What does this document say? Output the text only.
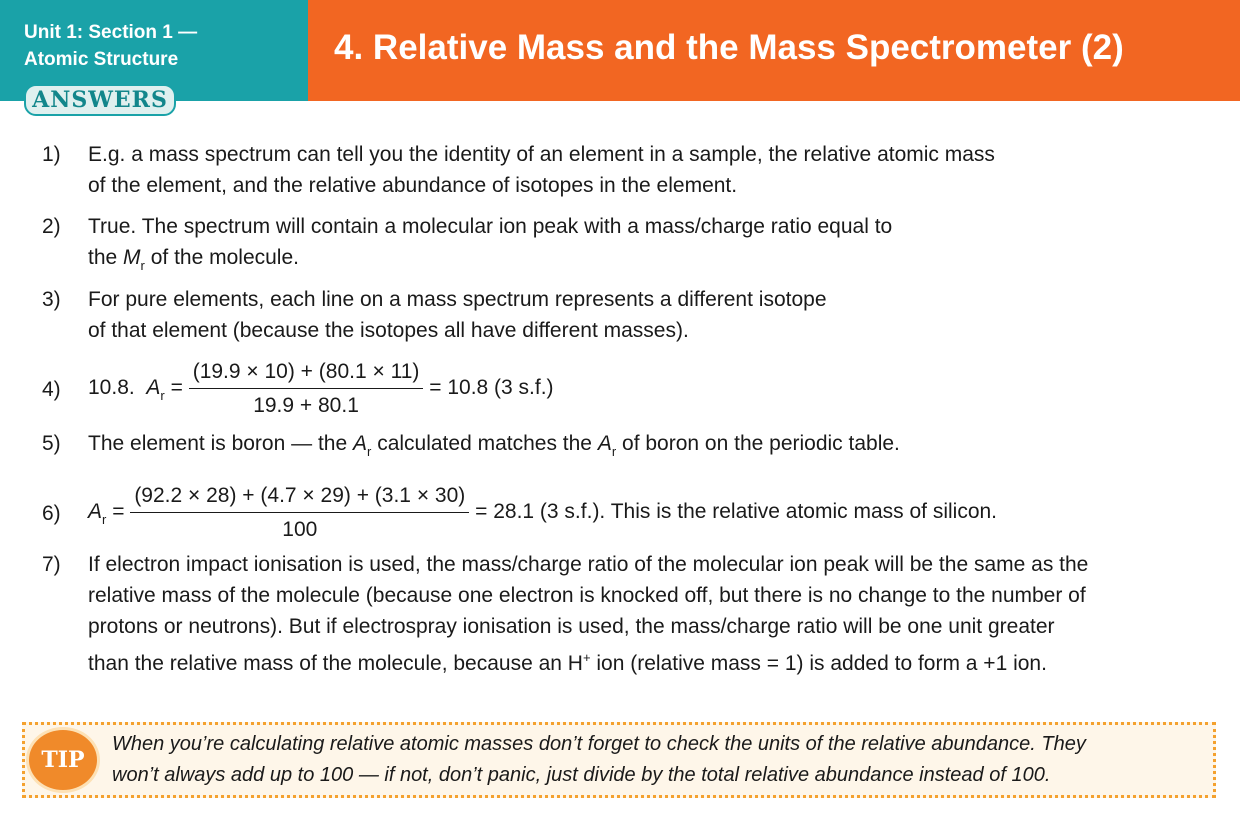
Unit 1: Section 1 —
Atomic Structure
ANSWERS
4. Relative Mass and the Mass Spectrometer (2)
1) E.g. a mass spectrum can tell you the identity of an element in a sample, the relative atomic mass
of the element, and the relative abundance of isotopes in the element.
2) True. The spectrum will contain a molecular ion peak with a mass/charge ratio equal to
the $M_r$ of the molecule.
3) For pure elements, each line on a mass spectrum represents a different isotope
of that element (because the isotopes all have different masses).
4) 10.8. $A_r = \frac{(19.9 \times 10) + (80.1 \times 11)}{19.9 + 80.1} = 10.8$ (3 s.f.)
5) The element is boron — the $A_r$ calculated matches the $A_r$ of boron on the periodic table.
6) $A_r = \frac{(92.2 \times 28) + (4.7 \times 29) + (3.1 \times 30)}{100} = 28.1$ (3 s.f.). This is the relative atomic mass of silicon.
7) If electron impact ionisation is used, the mass/charge ratio of the molecular ion peak will be the same as the
relative mass of the molecule (because one electron is knocked off, but there is no change to the number of
protons or neutrons). But if electrospray ionisation is used, the mass/charge ratio will be one unit greater
than the relative mass of the molecule, because an H+ ion (relative mass = 1) is added to form a +1 ion.
TIP
When you’re calculating relative atomic masses don’t forget to check the units of the relative abundance. They
won’t always add up to 100 — if not, don’t panic, just divide by the total relative abundance instead of 100.
